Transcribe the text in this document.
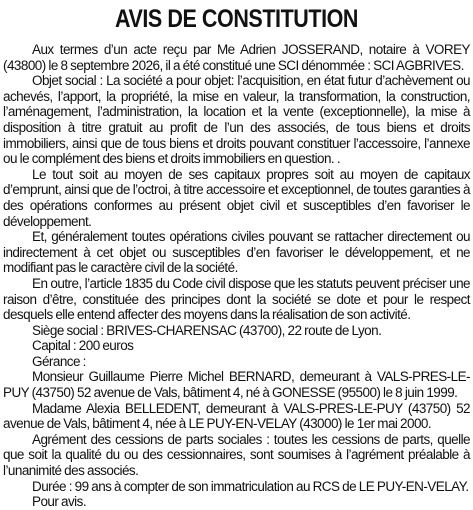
AVIS DE CONSTITUTION

Aux termes d’un acte reçu par Me Adrien JOSSERAND, notaire à VOREY (43800) le 8 septembre 2026, il a été constitué une SCI dénommée : SCI AGBRIVES.

Objet social : La société a pour objet: l’acquisition, en état futur d’achèvement ou achevés, l’apport, la propriété, la mise en valeur, la transformation, la construction, l’aménagement, l’administration, la location et la vente (exceptionnelle), la mise à disposition à titre gratuit au profit de l’un des associés, de tous biens et droits immobiliers, ainsi que de tous biens et droits pouvant constituer l’accessoire, l’annexe ou le complément des biens et droits immobiliers en question. .

Le tout soit au moyen de ses capitaux propres soit au moyen de capitaux d’emprunt, ainsi que de l’octroi, à titre accessoire et exceptionnel, de toutes garanties à des opérations conformes au présent objet civil et susceptibles d’en favoriser le développement.

Et, généralement toutes opérations civiles pouvant se rattacher directement ou indirectement à cet objet ou susceptibles d’en favoriser le développement, et ne modifiant pas le caractère civil de la société.

En outre, l’article 1835 du Code civil dispose que les statuts peuvent préciser une raison d’être, constituée des principes dont la société se dote et pour le respect desquels elle entend affecter des moyens dans la réalisation de son activité.

Siège social : BRIVES-CHARENSAC (43700), 22 route de Lyon.

Capital : 200 euros

Gérance :

Monsieur Guillaume Pierre Michel BERNARD, demeurant à VALS-PRES-LE-PUY (43750) 52 avenue de Vals, bâtiment 4, né à GONESSE (95500) le 8 juin 1999.

Madame Alexia BELLEDENT, demeurant à VALS-PRES-LE-PUY (43750) 52 avenue de Vals, bâtiment 4, née à LE PUY-EN-VELAY (43000) le 1er mai 2000.

Agrément des cessions de parts sociales : toutes les cessions de parts, quelle que soit la qualité du ou des cessionnaires, sont soumises à l’agrément préalable à l’unanimité des associés.

Durée : 99 ans à compter de son immatriculation au RCS de LE PUY-EN-VELAY.

Pour avis.
